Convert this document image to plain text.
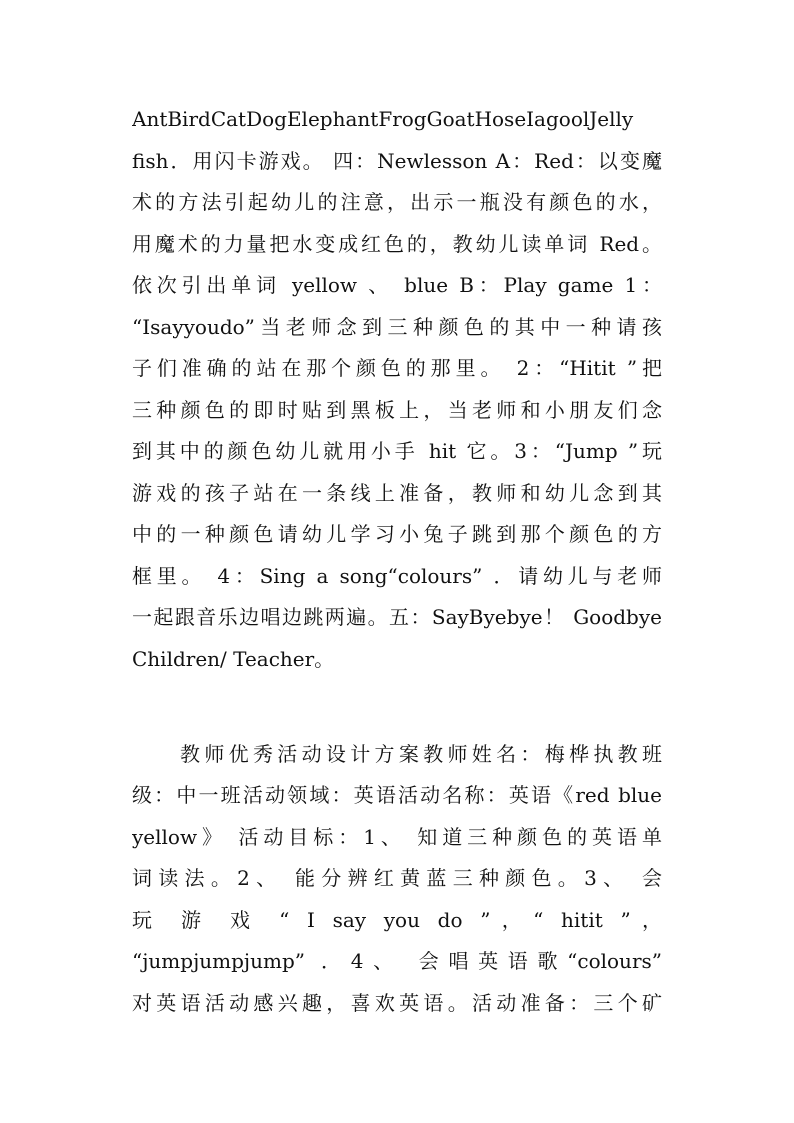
AntBirdCatDogElephantFrogGoatHoseIagoolJelly
fish．用闪卡游戏。 四：Newlesson A：Red：以变魔
术的方法引起幼儿的注意，出示一瓶没有颜色的水，
用魔术的力量把水变成红色的，教幼儿读单词 Red。
依次引出单词 yellow 、 blue B：Play game 1：
“Isayyoudo”当老师念到三种颜色的其中一种请孩
子们准确的站在那个颜色的那里。 2：“Hitit ”把
三种颜色的即时贴到黑板上，当老师和小朋友们念
到其中的颜色幼儿就用小手 hit 它。3：“Jump ”玩
游戏的孩子站在一条线上准备，教师和幼儿念到其
中的一种颜色请幼儿学习小兔子跳到那个颜色的方
框里。 4：Sing a song“colours” ．请幼儿与老师
一起跟音乐边唱边跳两遍。五：SayByebye！ Goodbye
Children/ Teacher。
教师优秀活动设计方案教师姓名：梅桦执教班
级：中一班活动领域：英语活动名称：英语《red blue
yellow》 活动目标：1、 知道三种颜色的英语单
词读法。2、 能分辨红黄蓝三种颜色。3、 会
玩 游 戏 “ I say you do ”，“ hitit ”，
“jumpjumpjump” ．4、 会唱英语歌“colours”
对英语活动感兴趣，喜欢英语。活动准备：三个矿
